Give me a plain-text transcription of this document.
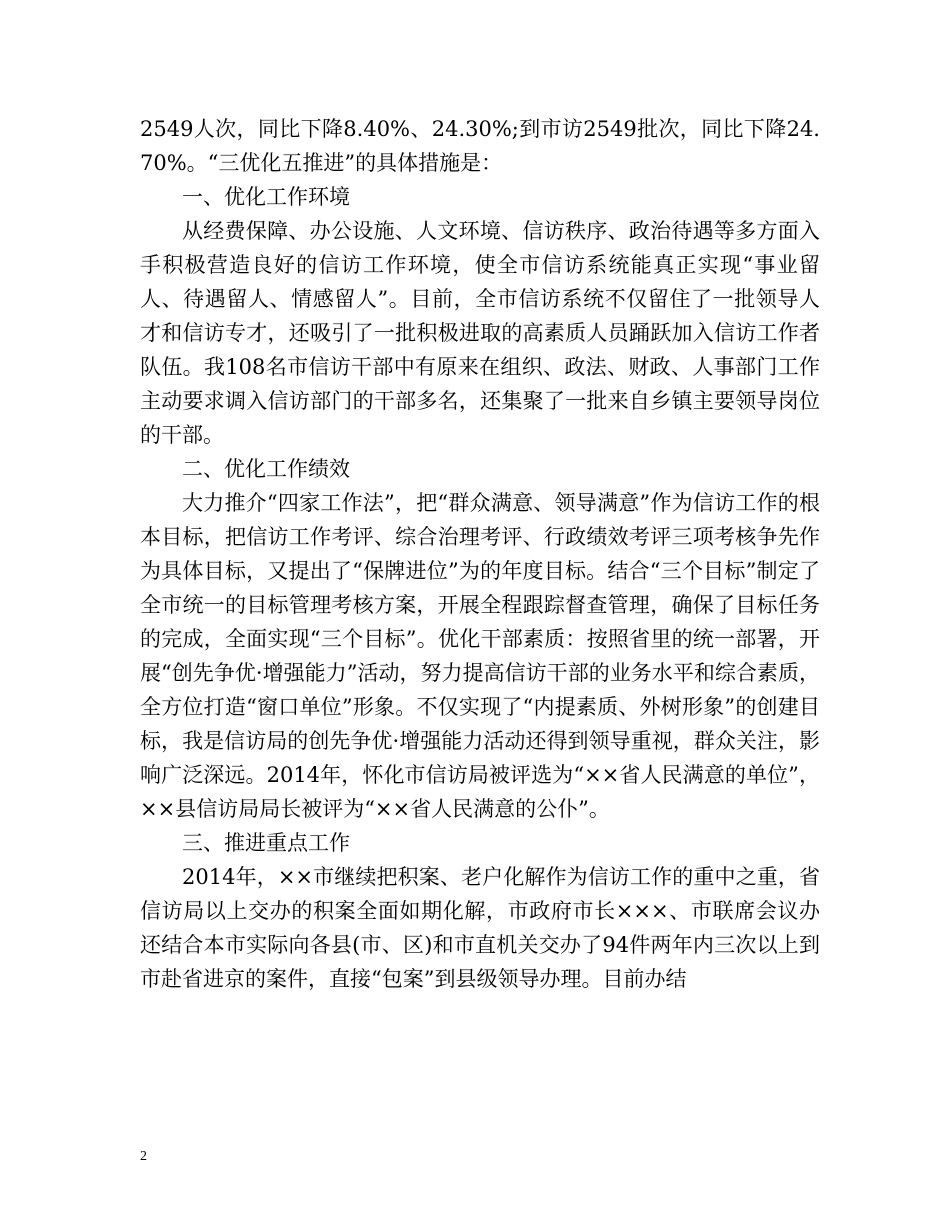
2549人次，同比下降8.40%、24.30%;到市访2549批次，同比下降24.70%。“三优化五推进”的具体措施是：

一、优化工作环境

从经费保障、办公设施、人文环境、信访秩序、政治待遇等多方面入手积极营造良好的信访工作环境，使全市信访系统能真正实现“事业留人、待遇留人、情感留人”。目前，全市信访系统不仅留住了一批领导人才和信访专才，还吸引了一批积极进取的高素质人员踊跃加入信访工作者队伍。我108名市信访干部中有原来在组织、政法、财政、人事部门工作主动要求调入信访部门的干部多名，还集聚了一批来自乡镇主要领导岗位的干部。

二、优化工作绩效

大力推介“四家工作法”，把“群众满意、领导满意”作为信访工作的根本目标，把信访工作考评、综合治理考评、行政绩效考评三项考核争先作为具体目标，又提出了“保牌进位”为的年度目标。结合“三个目标”制定了全市统一的目标管理考核方案，开展全程跟踪督查管理，确保了目标任务的完成，全面实现“三个目标”。优化干部素质：按照省里的统一部署，开展“创先争优·增强能力”活动，努力提高信访干部的业务水平和综合素质，全方位打造“窗口单位”形象。不仅实现了“内提素质、外树形象”的创建目标，我是信访局的创先争优·增强能力活动还得到领导重视，群众关注，影响广泛深远。2014年，怀化市信访局被评选为“××省人民满意的单位”， ××县信访局局长被评为“××省人民满意的公仆”。

三、推进重点工作

2014年，××市继续把积案、老户化解作为信访工作的重中之重，省信访局以上交办的积案全面如期化解，市政府市长×××、市联席会议办还结合本市实际向各县(市、区)和市直机关交办了94件两年内三次以上到市赴省进京的案件，直接“包案”到县级领导办理。目前办结

2
